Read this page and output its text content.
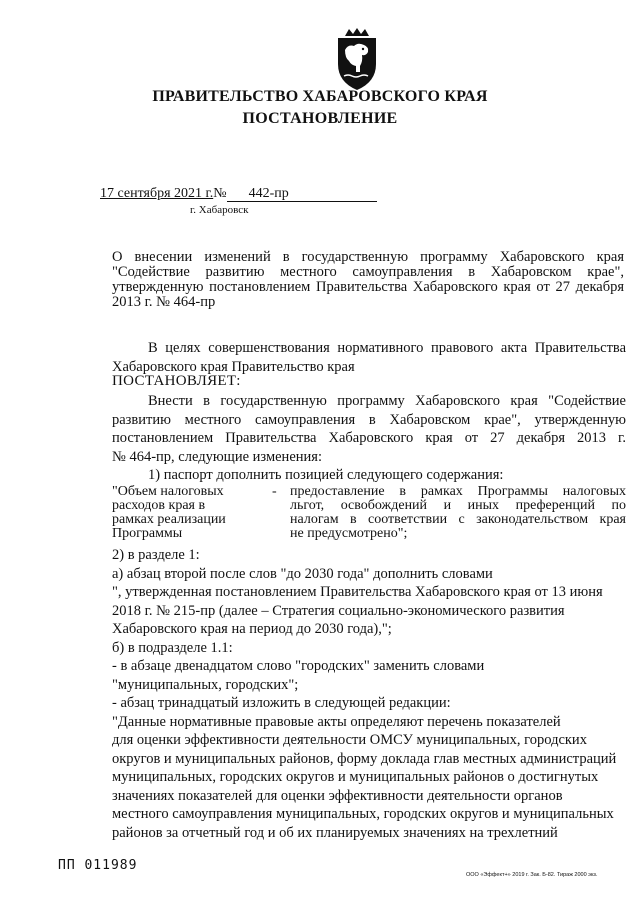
ПРАВИТЕЛЬСТВО ХАБАРОВСКОГО КРАЯ
ПОСТАНОВЛЕНИЕ
17 сентября 2021 г.№ 442-пр
г. Хабаровск
О внесении изменений в государственную программу Хабаровского края
"Содействие развитию местного самоуправления в Хабаровском крае",
утвержденную постановлением Правительства Хабаровского края от 27 декабря
2013 г. № 464-пр
В целях совершенствования нормативного правового акта Правительства
Хабаровского края Правительство края
ПОСТАНОВЛЯЕТ:
Внести в государственную программу Хабаровского края "Содействие
развитию местного самоуправления в Хабаровском крае", утвержденную
постановлением Правительства Хабаровского края от 27 декабря 2013 г.
№ 464-пр, следующие изменения:
1) паспорт дополнить позицией следующего содержания:
"Объем налоговых
расходов края в
рамках реализации
Программы
- предоставление в рамках Программы налоговых
льгот, освобождений и иных преференций по
налогам в соответствии с законодательством края
не предусмотрено";
2) в разделе 1:
а) абзац второй после слов "до 2030 года" дополнить словами
", утвержденная постановлением Правительства Хабаровского края от 13 июня
2018 г. № 215-пр (далее – Стратегия социально-экономического развития
Хабаровского края на период до 2030 года),";
б) в подразделе 1.1:
- в абзаце двенадцатом слово "городских" заменить словами
"муниципальных, городских";
- абзац тринадцатый изложить в следующей редакции:
"Данные нормативные правовые акты определяют перечень показателей
для оценки эффективности деятельности ОМСУ муниципальных, городских
округов и муниципальных районов, форму доклада глав местных администраций
муниципальных, городских округов и муниципальных районов о достигнутых
значениях показателей для оценки эффективности деятельности органов
местного самоуправления муниципальных, городских округов и муниципальных
районов за отчетный год и об их планируемых значениях на трехлетний
ПП 011989
ООО «Эффект+» 2019 г. Зак. Б-82. Тираж 2000 экз.
